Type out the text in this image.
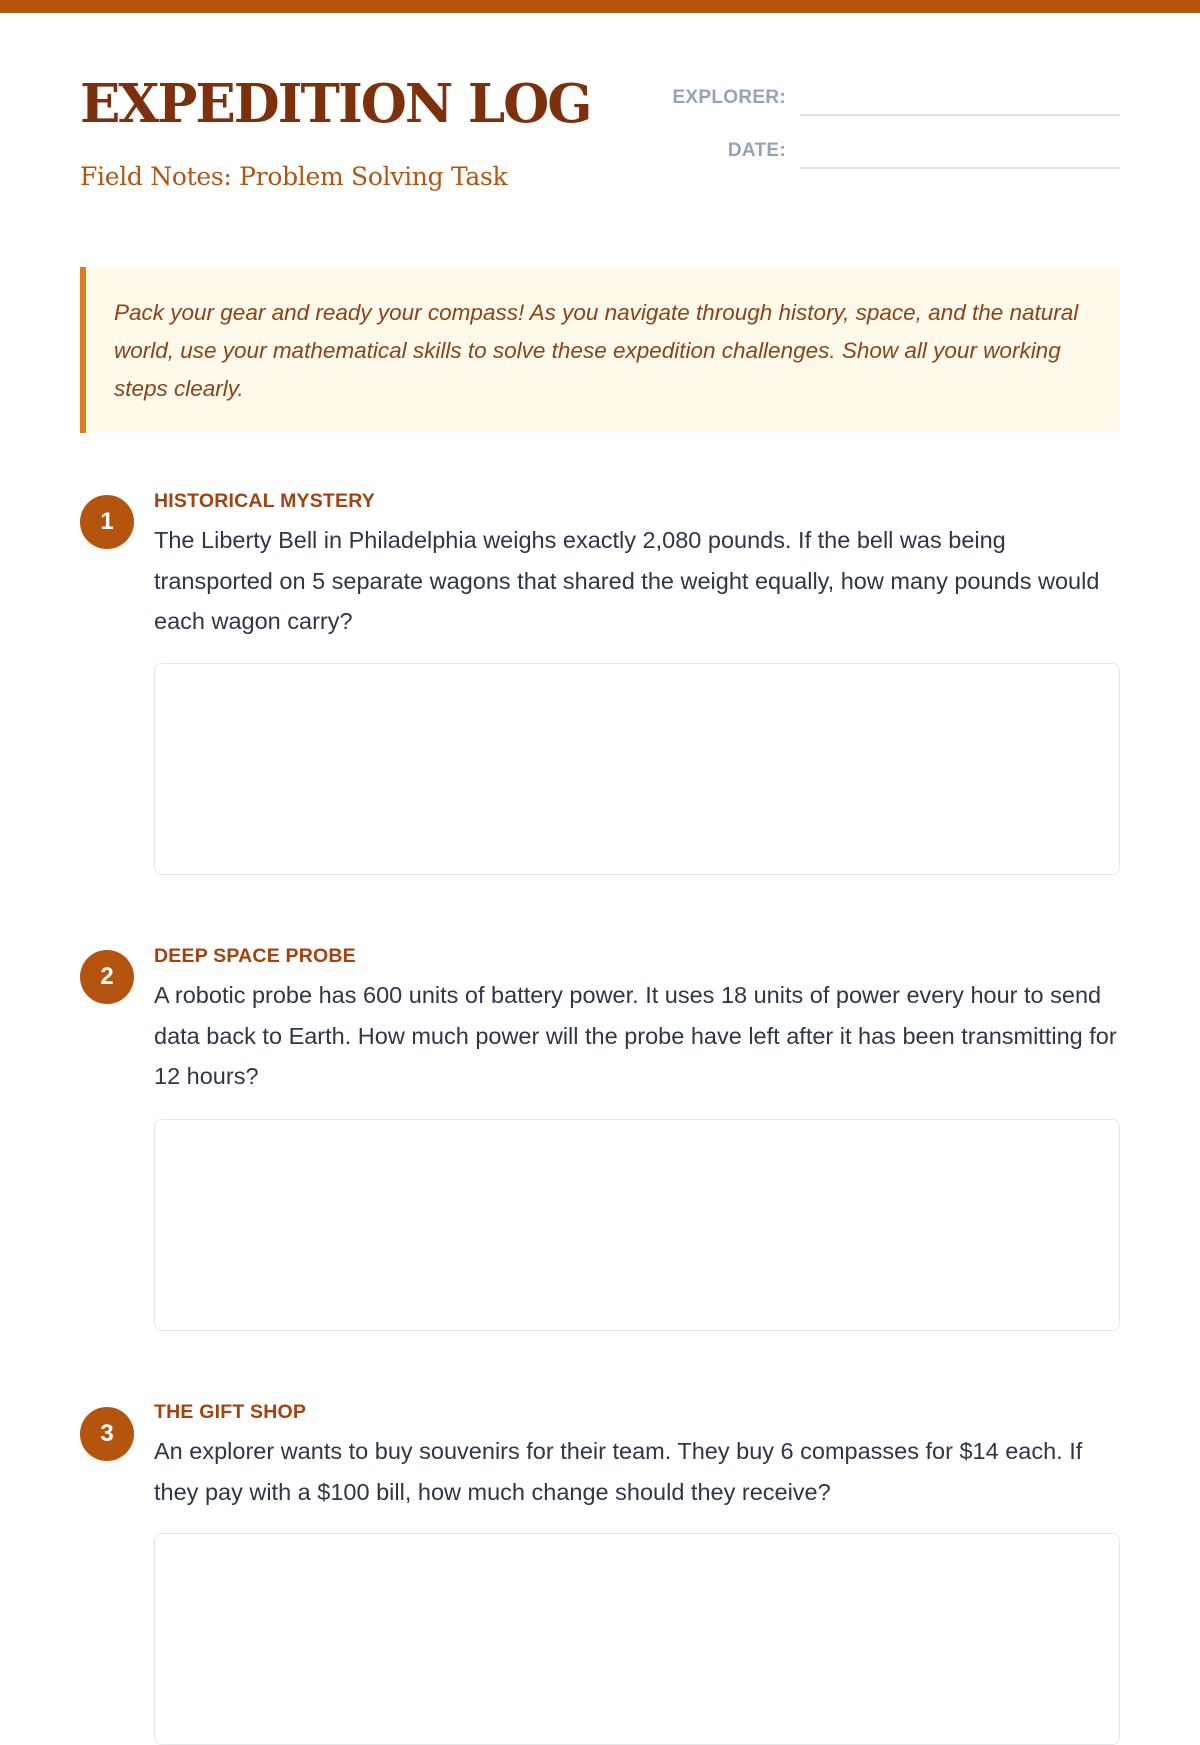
EXPEDITION LOG
Field Notes: Problem Solving Task
EXPLORER:
DATE:

Pack your gear and ready your compass! As you navigate through history, space, and the natural world, use your mathematical skills to solve these expedition challenges. Show all your working steps clearly.

1
HISTORICAL MYSTERY

The Liberty Bell in Philadelphia weighs exactly 2,080 pounds. If the bell was being transported on 5 separate wagons that shared the weight equally, how many pounds would each wagon carry?

2
DEEP SPACE PROBE

A robotic probe has 600 units of battery power. It uses 18 units of power every hour to send data back to Earth. How much power will the probe have left after it has been transmitting for 12 hours?

3
THE GIFT SHOP

An explorer wants to buy souvenirs for their team. They buy 6 compasses for $14 each. If they pay with a $100 bill, how much change should they receive?
